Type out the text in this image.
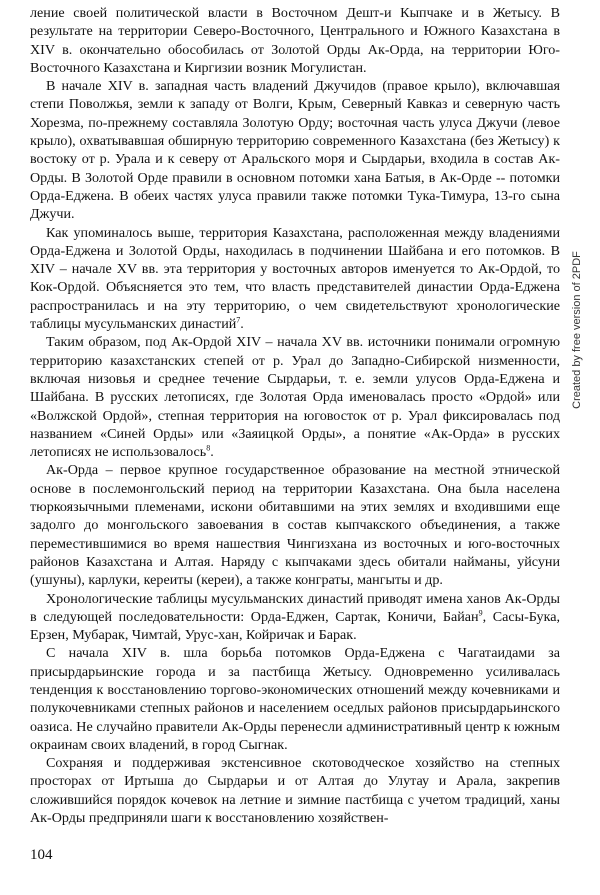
ление своей политической власти в Восточном Дешт-и Кыпчаке и в Жетысу. В результате на территории Северо-Восточного, Центрального и Южного Казахстана в XIV в. окончательно обособилась от Золотой Орды Ак-Орда, на территории Юго-Восточного Казахстана и Киргизии возник Могулистан.

В начале XIV в. западная часть владений Джучидов (правое крыло), включавшая степи Поволжья, земли к западу от Волги, Крым, Северный Кавказ и северную часть Хорезма, по-прежнему составляла Золотую Орду; восточная часть улуса Джучи (левое крыло), охватывавшая обширную территорию современного Казахстана (без Жетысу) к востоку от р. Урала и к северу от Аральского моря и Сырдарьи, входила в состав Ак-Орды. В Золотой Орде правили в основном потомки хана Батыя, в Ак-Орде -- потомки Орда-Еджена. В обеих частях улуса правили также потомки Тука-Тимура, 13-го сына Джучи.

Как упоминалось выше, территория Казахстана, расположенная между владениями Орда-Еджена и Золотой Орды, находилась в подчинении Шайбана и его потомков. В XIV – начале XV вв. эта территория у восточных авторов именуется то Ак-Ордой, то Кок-Ордой. Объясняется это тем, что власть представителей династии Орда-Еджена распространилась и на эту территорию, о чем свидетельствуют хронологические таблицы мусульманских династий$^7$.

Таким образом, под Ак-Ордой XIV – начала XV вв. источники понимали огромную территорию казахстанских степей от р. Урал до Западно-Сибирской низменности, включая низовья и среднее течение Сырдарьи, т. е. земли улусов Орда-Еджена и Шайбана. В русских летописях, где Золотая Орда именовалась просто «Ордой» или «Волжской Ордой», степная территория на юговосток от р. Урал фиксировалась под названием «Синей Орды» или «Заяицкой Орды», а понятие «Ак-Орда» в русских летописях не использовалось$^8$.

Ак-Орда – первое крупное государственное образование на местной этнической основе в послемонгольский период на территории Казахстана. Она была населена тюркоязычными племенами, искони обитавшими на этих землях и входившими еще задолго до монгольского завоевания в состав кыпчакского объединения, а также переместившимися во время нашествия Чингизхана из восточных и юго-восточных районов Казахстана и Алтая. Наряду с кыпчаками здесь обитали найманы, уйсуни (ушуны), карлуки, кереиты (кереи), а также конграты, мангыты и др.

Хронологические таблицы мусульманских династий приводят имена ханов Ак-Орды в следующей последовательности: Орда-Еджен, Сартак, Коничи, Байан$^9$, Сасы-Бука, Ерзен, Мубарак, Чимтай, Урус-хан, Койричак и Барак.

С начала XIV в. шла борьба потомков Орда-Еджена с Чагатаидами за присырдарьинские города и за пастбища Жетысу. Одновременно усиливалась тенденция к восстановлению торгово-экономических отношений между кочевниками и полукочевниками степных районов и населением оседлых районов присырдарьинского оазиса. Не случайно правители Ак-Орды перенесли административный центр к южным окраинам своих владений, в город Сыгнак.

Сохраняя и поддерживая экстенсивное скотоводческое хозяйство на степных просторах от Иртыша до Сырдарьи и от Алтая до Улутау и Арала, закрепив сложившийся порядок кочевок на летние и зимние пастбища с учетом традиций, ханы Ак-Орды предприняли шаги к восстановлению хозяйствен-

104
Created by free version of 2PDF
